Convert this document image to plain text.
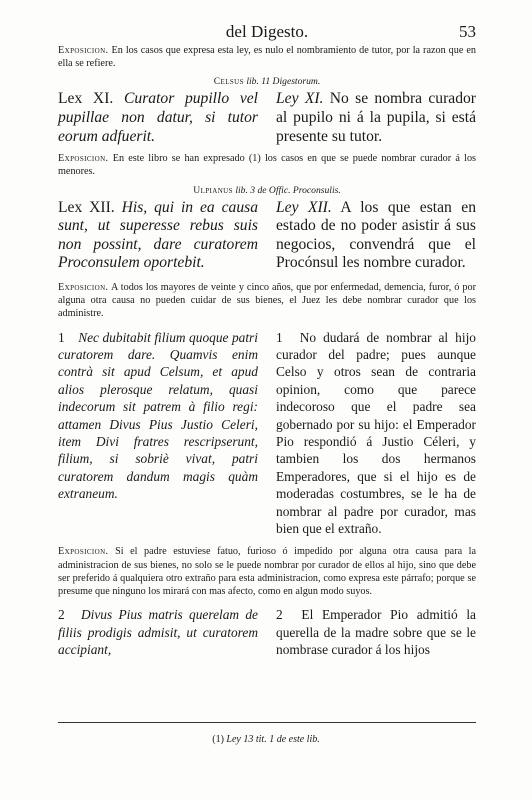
del Digesto.	53

Exposicion. En los casos que expresa esta ley, es nulo el nombramiento de tutor, por la razon que en ella se refiere.

Celsus lib. 11 Digestorum.

Lex XI. Curator pupillo vel pupillae non datur, si tutor eorum adfuerit.

Ley XI. No se nombra curador al pupilo ni á la pupila, si está presente su tutor.

Exposicion. En este libro se han expresado (1) los casos en que se puede nombrar curador á los menores.

Ulpianus lib. 3 de Offic. Proconsulis.

Lex XII. His, qui in ea causa sunt, ut superesse rebus suis non possint, dare curatorem Proconsulem oportebit.

Ley XII. A los que estan en estado de no poder asistir á sus negocios, convendrá que el Procónsul les nombre curador.

Exposicion. A todos los mayores de veinte y cinco años, que por enfermedad, demencia, furor, ó por alguna otra causa no pueden cuidar de sus bienes, el Juez les debe nombrar curador que los administre.

1 Nec dubitabit filium quoque patri curatorem dare. Quamvis enim contrà sit apud Celsum, et apud alios plerosque relatum, quasi indecorum sit patrem à filio regi: attamen Divus Pius Justio Celeri, item Divi fratres rescripserunt, filium, si sobriè vivat, patri curatorem dandum magis quàm extraneum.

1 No dudará de nombrar al hijo curador del padre; pues aunque Celso y otros sean de contraria opinion, como que parece indecoroso que el padre sea gobernado por su hijo: el Emperador Pio respondió á Justio Céleri, y tambien los dos hermanos Emperadores, que si el hijo es de moderadas costumbres, se le ha de nombrar al padre por curador, mas bien que el extraño.

Exposicion. Si el padre estuviese fatuo, furioso ó impedido por alguna otra causa para la administracion de sus bienes, no solo se le puede nombrar por curador de ellos al hijo, sino que debe ser preferido á qualquiera otro extraño para esta administracion, como expresa este párrafo; porque se presume que ninguno los mirará con mas afecto, como en algun modo suyos.

2 Divus Pius matris querelam de filiis prodigis admisit, ut curatorem accipiant,

2 El Emperador Pio admitió la querella de la madre sobre que se le nombrase curador á los hijos

(1) Ley 13 tit. 1 de este lib.
